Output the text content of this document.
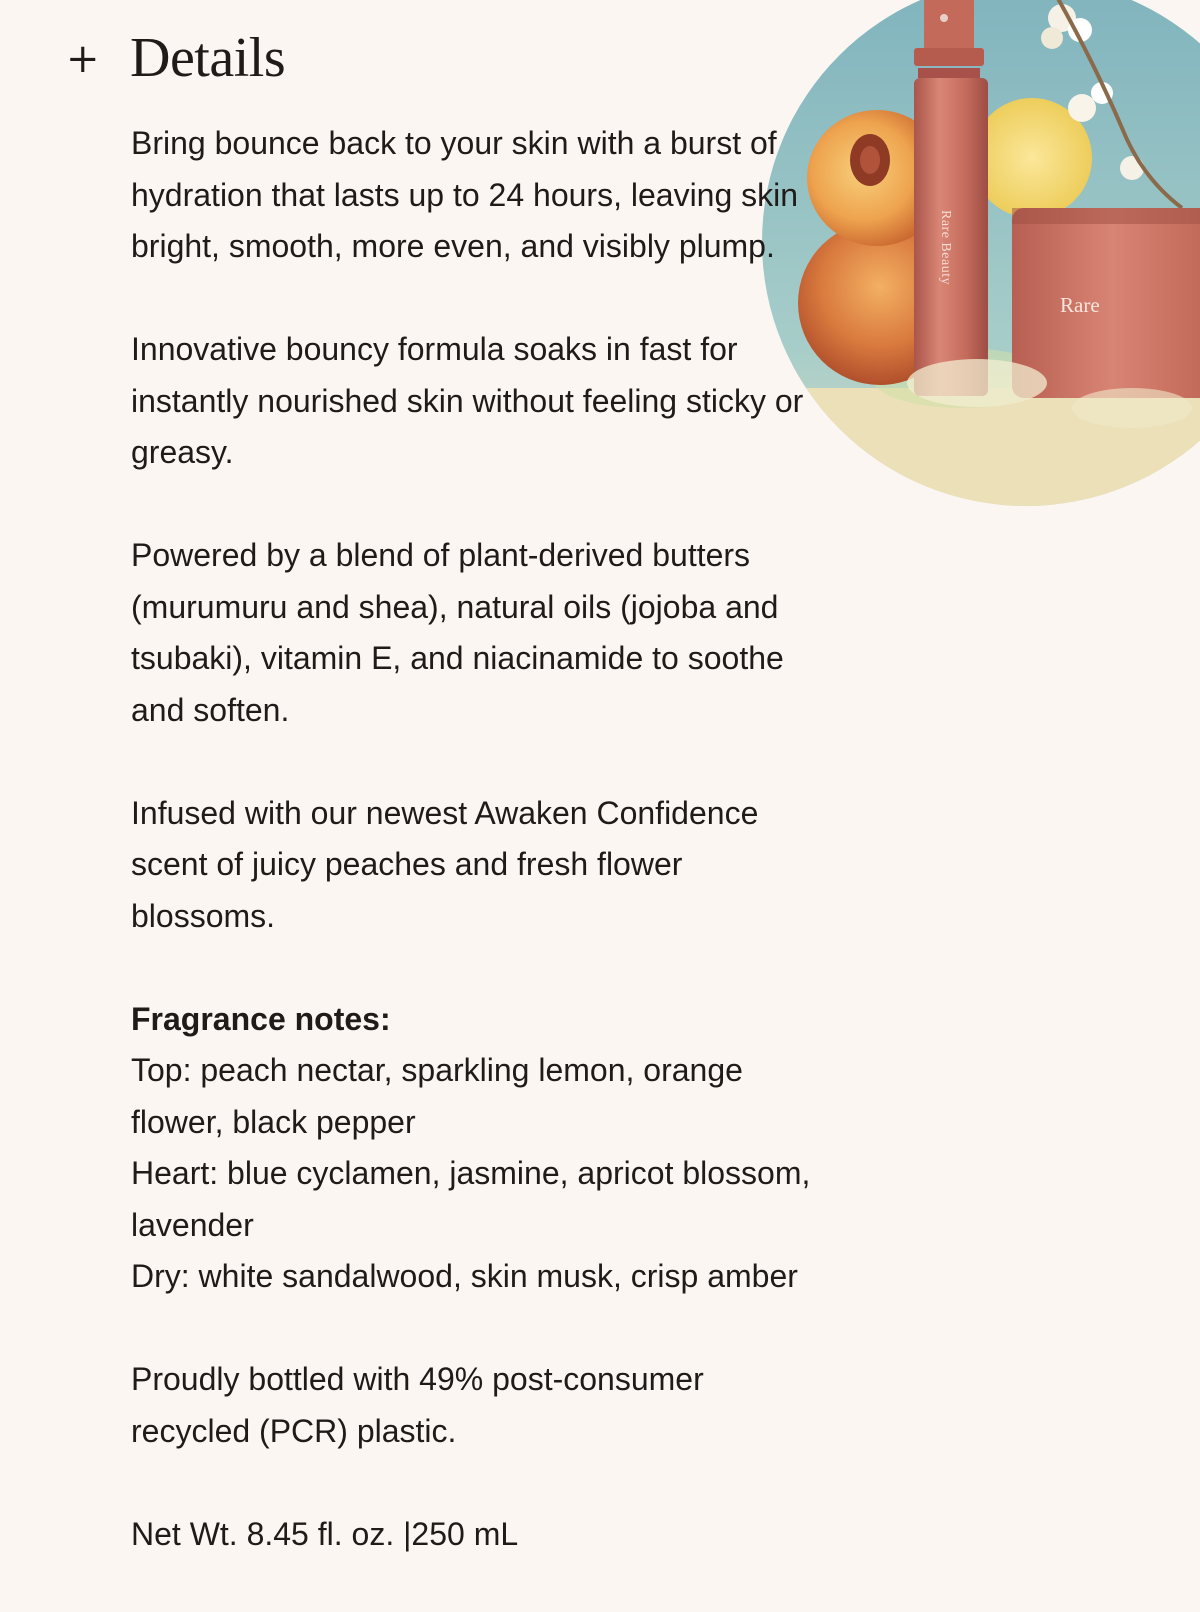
+ Details
Rare
Rare Beauty

Bring bounce back to your skin with a burst of
hydration that lasts up to 24 hours, leaving skin
bright, smooth, more even, and visibly plump.

Innovative bouncy formula soaks in fast for
instantly nourished skin without feeling sticky or
greasy.

Powered by a blend of plant-derived butters
(murumuru and shea), natural oils (jojoba and
tsubaki), vitamin E, and niacinamide to soothe
and soften.

Infused with our newest Awaken Confidence
scent of juicy peaches and fresh flower
blossoms.

Fragrance notes:
Top: peach nectar, sparkling lemon, orange
flower, black pepper
Heart: blue cyclamen, jasmine, apricot blossom,
lavender
Dry: white sandalwood, skin musk, crisp amber

Proudly bottled with 49% post-consumer
recycled (PCR) plastic.

Net Wt. 8.45 fl. oz. |250 mL
